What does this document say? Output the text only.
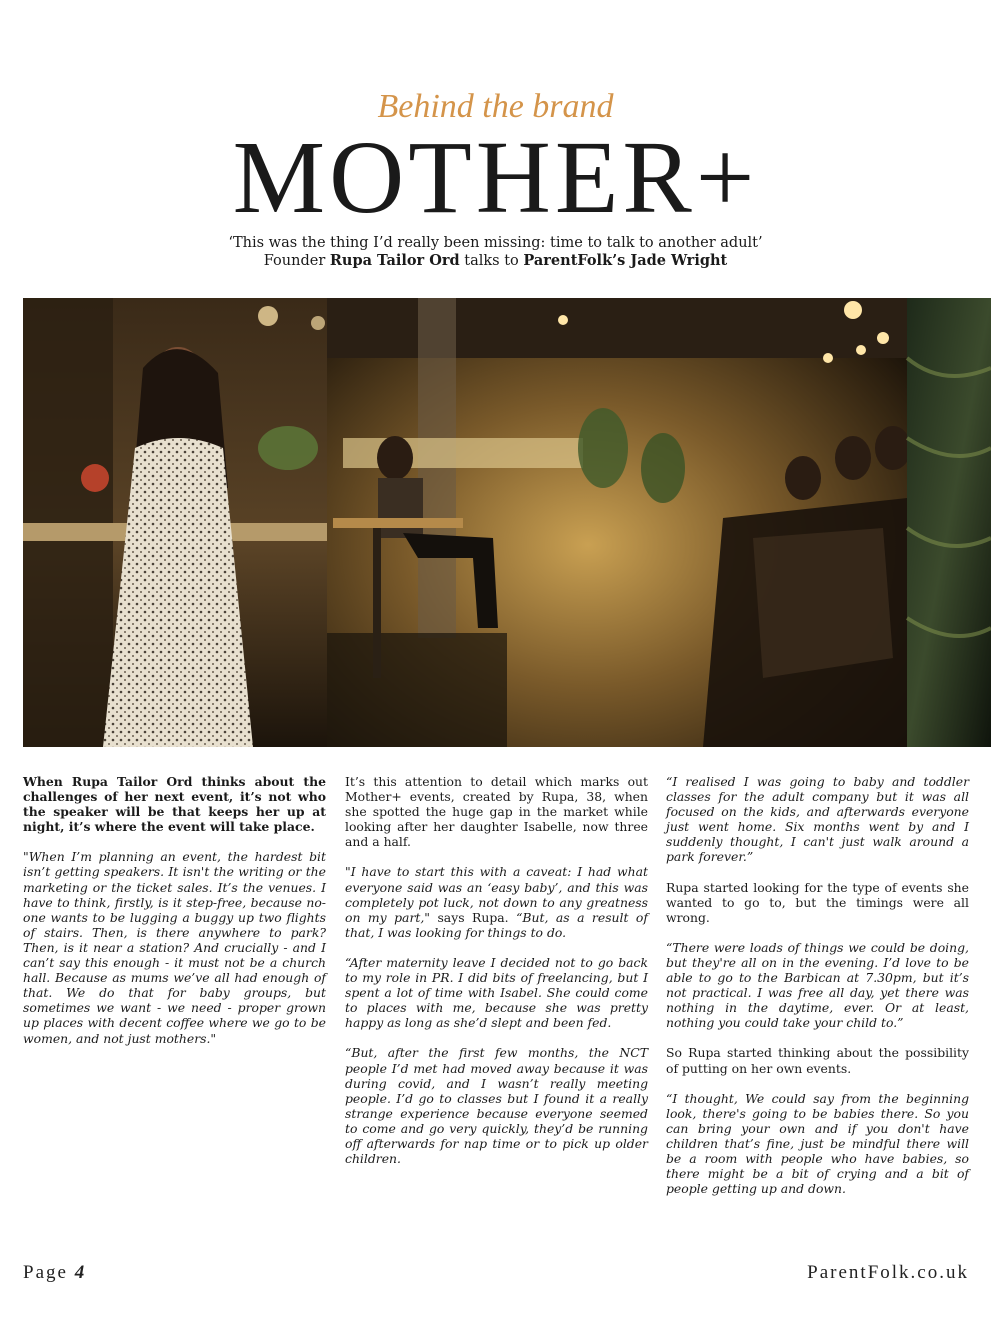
Behind the brand
MOTHER+
‘This was the thing I’d really been missing: time to talk to another adult’
Founder Rupa Tailor Ord talks to ParentFolk’s Jade Wright

When Rupa Tailor Ord thinks about the challenges of her next event, it’s not who the speaker will be that keeps her up at night, it’s where the event will take place.

"When I’m planning an event, the hardest bit isn’t getting speakers. It isn't the writing or the marketing or the ticket sales. It’s the venues. I have to think, firstly, is it step-free, because no-one wants to be lugging a buggy up two flights of stairs. Then, is there anywhere to park? Then, is it near a station? And crucially - and I can’t say this enough - it must not be a church hall. Because as mums we’ve all had enough of that. We do that for baby groups, but sometimes we want - we need - proper grown up places with decent coffee where we go to be women, and not just mothers."

It’s this attention to detail which marks out Mother+ events, created by Rupa, 38, when she spotted the huge gap in the market while looking after her daughter Isabelle, now three and a half.

"I have to start this with a caveat: I had what everyone said was an ‘easy baby’, and this was completely pot luck, not down to any greatness on my part," says Rupa. “But, as a result of that, I was looking for things to do.

“After maternity leave I decided not to go back to my role in PR. I did bits of freelancing, but I spent a lot of time with Isabel. She could come to places with me, because she was pretty happy as long as she’d slept and been fed.

“But, after the first few months, the NCT people I’d met had moved away because it was during covid, and I wasn’t really meeting people. I’d go to classes but I found it a really strange experience because everyone seemed to come and go very quickly, they’d be running off afterwards for nap time or to pick up older children.

“I realised I was going to baby and toddler classes for the adult company but it was all focused on the kids, and afterwards everyone just went home. Six months went by and I suddenly thought, I can't just walk around a park forever.”

Rupa started looking for the type of events she wanted to go to, but the timings were all wrong.

“There were loads of things we could be doing, but they're all on in the evening. I’d love to be able to go to the Barbican at 7.30pm, but it’s not practical. I was free all day, yet there was nothing in the daytime, ever. Or at least, nothing you could take your child to.”

So Rupa started thinking about the possibility of putting on her own events.

“I thought, We could say from the beginning look, there's going to be babies there. So you can bring your own and if you don't have children that’s fine, just be mindful there will be a room with people who have babies, so there might be a bit of crying and a bit of people getting up and down.

Page 4	ParentFolk.co.uk
